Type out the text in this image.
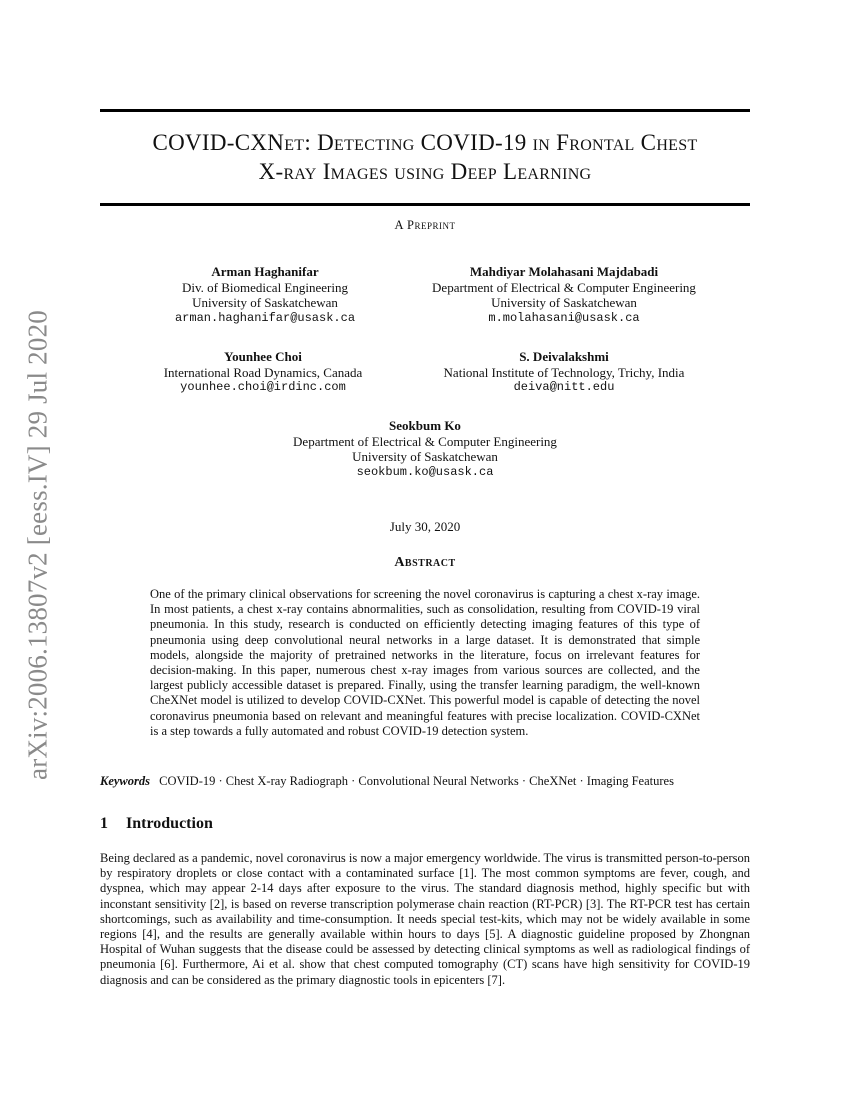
arXiv:2006.13807v2 [eess.IV] 29 Jul 2020
COVID-CXNet: Detecting COVID-19 in Frontal Chest
X-ray Images using Deep Learning
A Preprint
Arman Haghanifar
Div. of Biomedical Engineering
University of Saskatchewan
arman.haghanifar@usask.ca
Mahdiyar Molahasani Majdabadi
Department of Electrical & Computer Engineering
University of Saskatchewan
m.molahasani@usask.ca
Younhee Choi
International Road Dynamics, Canada
younhee.choi@irdinc.com
S. Deivalakshmi
National Institute of Technology, Trichy, India
deiva@nitt.edu
Seokbum Ko
Department of Electrical & Computer Engineering
University of Saskatchewan
seokbum.ko@usask.ca
July 30, 2020
Abstract
One of the primary clinical observations for screening the novel coronavirus is capturing a chest x-ray image. In most patients, a chest x-ray contains abnormalities, such as consolidation, resulting from COVID-19 viral pneumonia. In this study, research is conducted on efficiently detecting imaging features of this type of pneumonia using deep convolutional neural networks in a large dataset. It is demonstrated that simple models, alongside the majority of pretrained networks in the literature, focus on irrelevant features for decision-making. In this paper, numerous chest x-ray images from various sources are collected, and the largest publicly accessible dataset is prepared. Finally, using the transfer learning paradigm, the well-known CheXNet model is utilized to develop COVID-CXNet. This powerful model is capable of detecting the novel coronavirus pneumonia based on relevant and meaningful features with precise localization. COVID-CXNet is a step towards a fully automated and robust COVID-19 detection system.
Keywords COVID-19 · Chest X-ray Radiograph · Convolutional Neural Networks · CheXNet · Imaging Features
1 Introduction
Being declared as a pandemic, novel coronavirus is now a major emergency worldwide. The virus is transmitted person-to-person by respiratory droplets or close contact with a contaminated surface [1]. The most common symptoms are fever, cough, and dyspnea, which may appear 2-14 days after exposure to the virus. The standard diagnosis method, highly specific but with inconstant sensitivity [2], is based on reverse transcription polymerase chain reaction (RT-PCR) [3]. The RT-PCR test has certain shortcomings, such as availability and time-consumption. It needs special test-kits, which may not be widely available in some regions [4], and the results are generally available within hours to days [5]. A diagnostic guideline proposed by Zhongnan Hospital of Wuhan suggests that the disease could be assessed by detecting clinical symptoms as well as radiological findings of pneumonia [6]. Furthermore, Ai et al. show that chest computed tomography (CT) scans have high sensitivity for COVID-19 diagnosis and can be considered as the primary diagnostic tools in epicenters [7].
